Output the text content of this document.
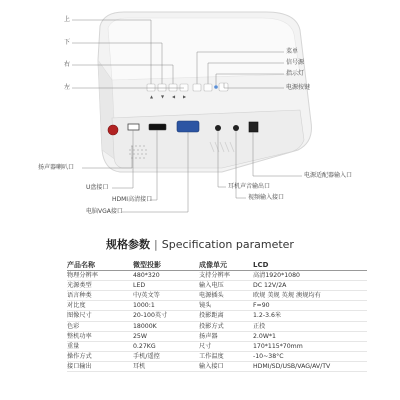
▲ ▼ ◀ ▶
上
下
右
左
菜单
信号源
指示灯
电源按键
扬声器喇叭口
U盘接口
HDMI高清接口
电脑VGA接口
耳机声音输出口
视频输入接口
电源适配器输入口
规格参数 | Specification parameter
产品名称	微型投影	成像单元	LCD
物理分辨率	480*320	支持分辨率	高清1920*1080
光源类型	LED	输入电压	DC 12V/2A
语言种类	中/英文等	电源插头	欧规 美规 英规 澳规均有
对比度	1000:1	镜头	F=90
图像尺寸	20-100英寸	投影距离	1.2-3.6米
色彩	18000K	投影方式	正投
整机功率	25W	扬声器	2.0W*1
重量	0.27KG	尺寸	170*115*70mm
操作方式	手机/遥控	工作温度	-10~38°C
接口输出	耳机	输入接口	HDMI/SD/USB/VAG/AV/TV
